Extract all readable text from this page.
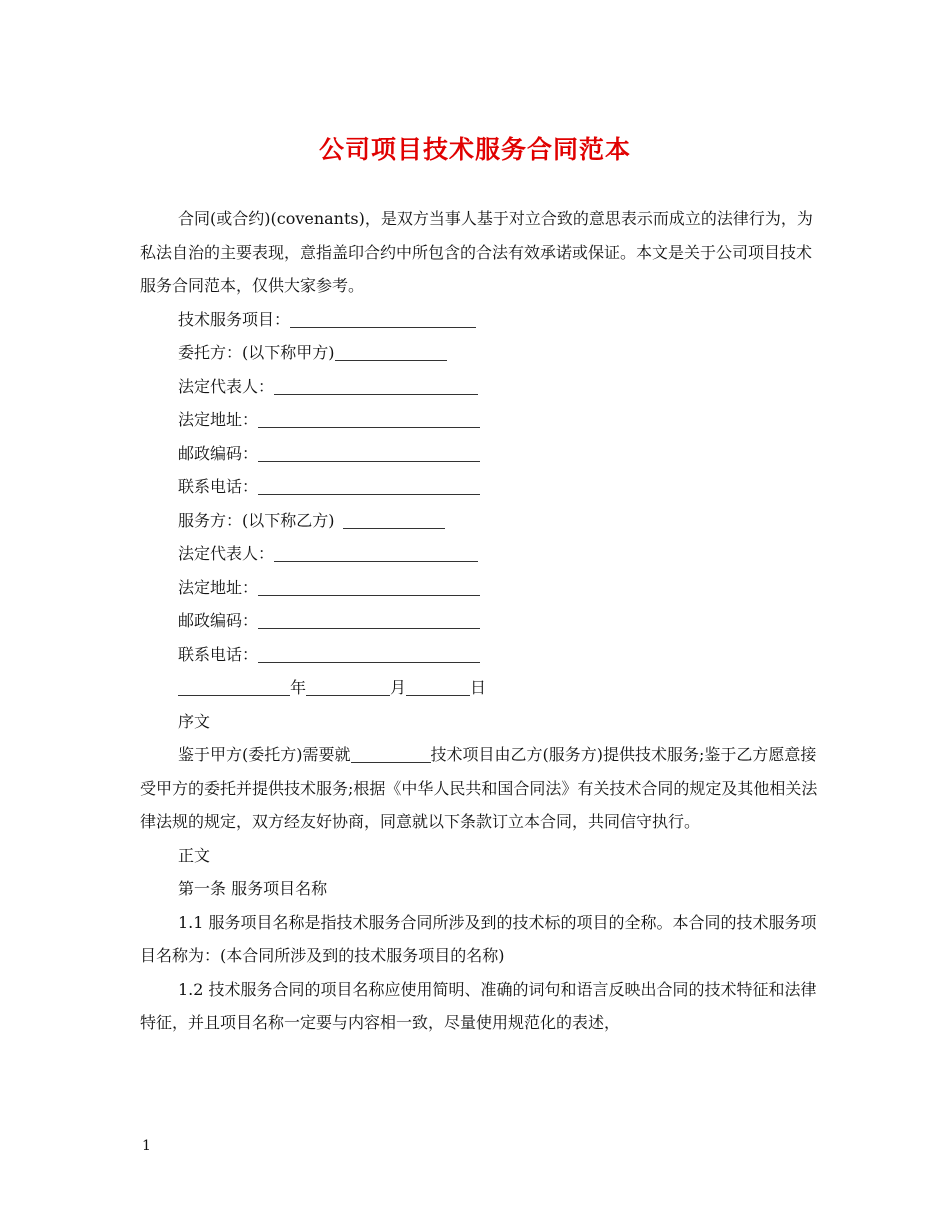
公司项目技术服务合同范本

合同(或合约)(covenants)，是双方当事人基于对立合致的意思表示而成立的法律行为，为私法自治的主要表现，意指盖印合约中所包含的合法有效承诺或保证。本文是关于公司项目技术服务合同范本，仅供大家参考。

技术服务项目：
委托方：(以下称甲方)
法定代表人：
法定地址：
邮政编码：
联系电话：
服务方：(以下称乙方)
法定代表人：
法定地址：
邮政编码：
联系电话：
年	月	日
序文

鉴于甲方(委托方)需要就	技术项目由乙方(服务方)提供技术服务;鉴于乙方愿意接受甲方的委托并提供技术服务;根据《中华人民共和国合同法》有关技术合同的规定及其他相关法律法规的规定，双方经友好协商，同意就以下条款订立本合同，共同信守执行。

正文
第一条 服务项目名称

1.1 服务项目名称是指技术服务合同所涉及到的技术标的项目的全称。本合同的技术服务项目名称为：(本合同所涉及到的技术服务项目的名称)

1.2 技术服务合同的项目名称应使用简明、准确的词句和语言反映出合同的技术特征和法律特征，并且项目名称一定要与内容相一致，尽量使用规范化的表述，

1
